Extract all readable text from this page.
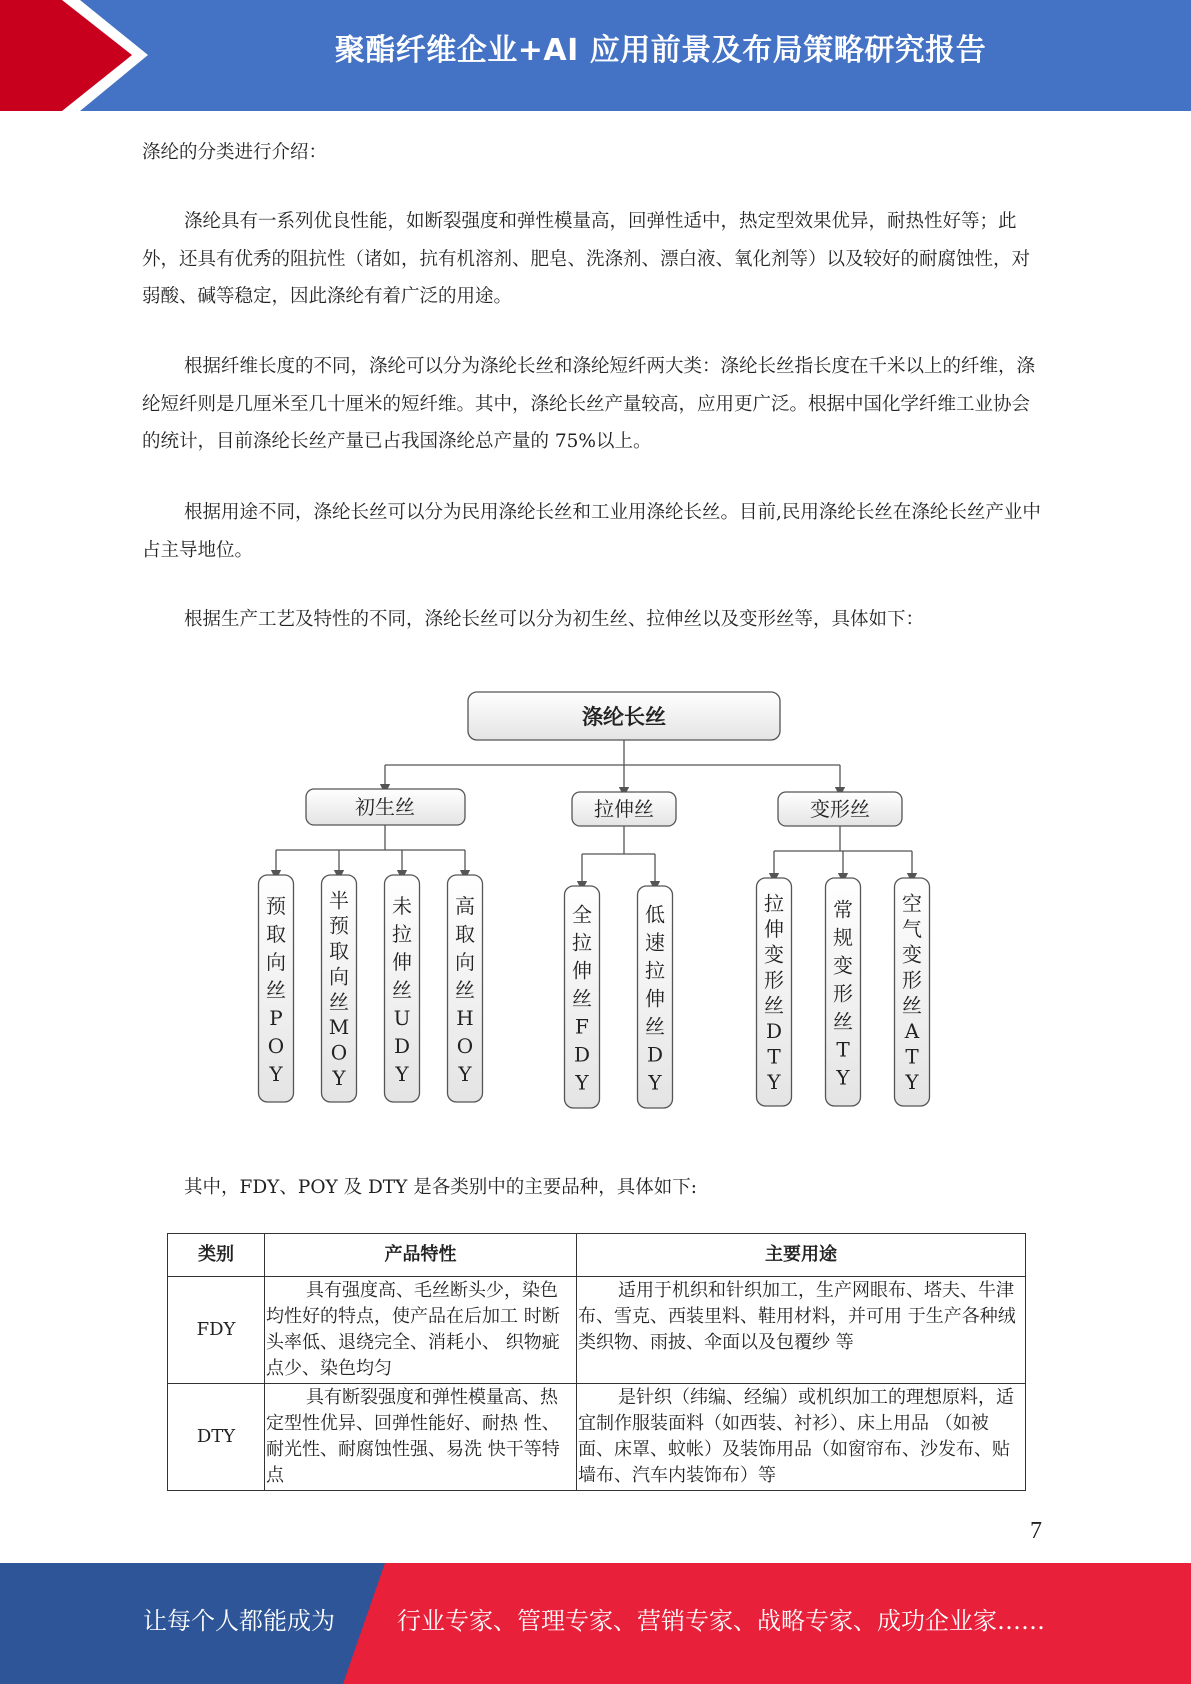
聚酯纤维企业+AI 应用前景及布局策略研究报告

涤纶的分类进行介绍：

涤纶具有一系列优良性能，如断裂强度和弹性模量高，回弹性适中，热定型效果优异，耐热性好等；此外，还具有优秀的阻抗性（诸如，抗有机溶剂、肥皂、洗涤剂、漂白液、氧化剂等）以及较好的耐腐蚀性，对弱酸、碱等稳定，因此涤纶有着广泛的用途。

根据纤维长度的不同，涤纶可以分为涤纶长丝和涤纶短纤两大类：涤纶长丝指长度在千米以上的纤维，涤纶短纤则是几厘米至几十厘米的短纤维。其中，涤纶长丝产量较高，应用更广泛。根据中国化学纤维工业协会的统计，目前涤纶长丝产量已占我国涤纶总产量的 75%以上。

根据用途不同，涤纶长丝可以分为民用涤纶长丝和工业用涤纶长丝。目前,民用涤纶长丝在涤纶长丝产业中占主导地位。

根据生产工艺及特性的不同，涤纶长丝可以分为初生丝、拉伸丝以及变形丝等，具体如下：

涤纶长丝
初生丝	拉伸丝	变形丝
预
取
向
丝
P
O
Y
半
预
取
向
丝
M
O
Y
未
拉
伸
丝
U
D
Y
高
取
向
丝
H
O
Y
全
拉
伸
丝
F
D
Y
低
速
拉
伸
丝
D
Y
拉
伸
变
形
丝
D
T
Y
常
规
变
形
丝
T
Y
空
气
变
形
丝
A
T
Y

其中，FDY、POY 及 DTY 是各类别中的主要品种，具体如下:

类别	产品特性	主要用途
FDY	具有强度高、毛丝断头少，染色均性好的特点，使产品在后加工 时断头率低、退绕完全、消耗小、 织物疵点少、染色均匀	适用于机织和针织加工，生产网眼布、塔夫、牛津布、雪克、西装里料、鞋用材料，并可用 于生产各种绒类织物、雨披、伞面以及包覆纱 等
DTY	具有断裂强度和弹性模量高、热定型性优异、回弹性能好、耐热 性、耐光性、耐腐蚀性强、易洗 快干等特点	是针织（纬编、经编）或机织加工的理想原料，适宜制作服装面料（如西装、衬衫）、床上用品 （如被面、床罩、蚊帐）及装饰用品（如窗帘布、沙发布、贴墙布、汽车内装饰布）等
7
让每个人都能成为	行业专家、管理专家、营销专家、战略专家、成功企业家……
